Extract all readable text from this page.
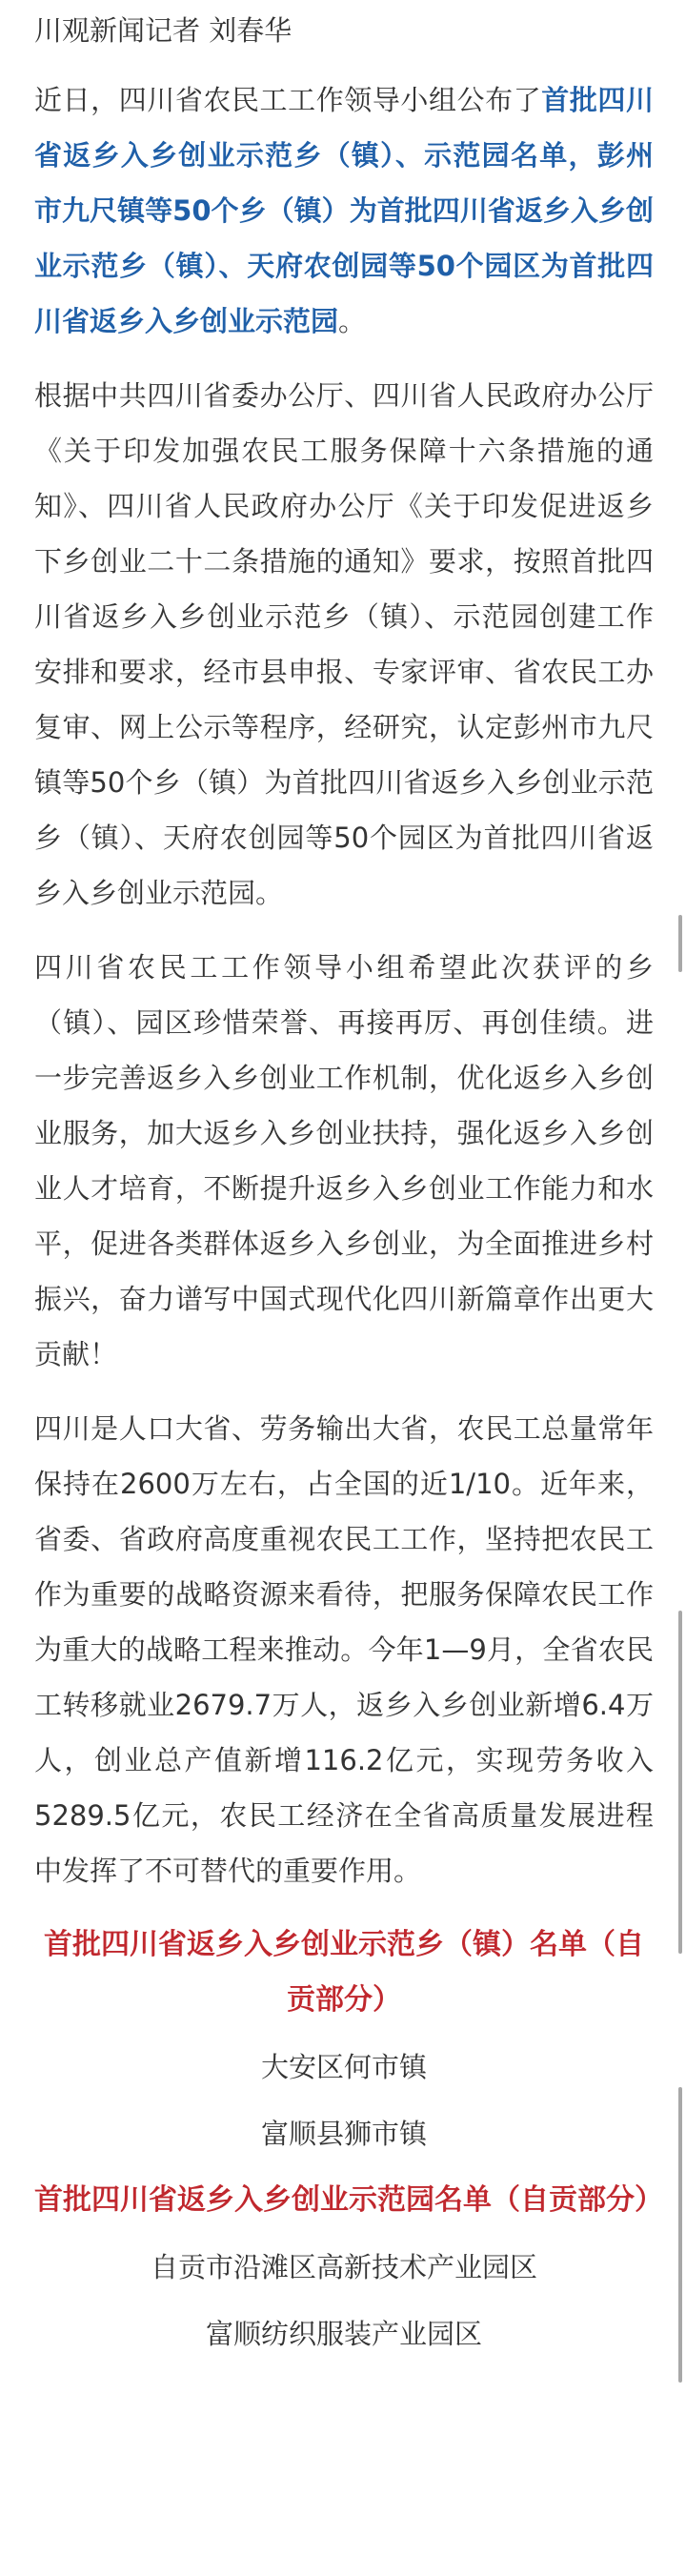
川观新闻记者 刘春华

近日，四川省农民工工作领导小组公布了首批四川省返乡入乡创业示范乡（镇）、示范园名单，彭州市九尺镇等50个乡（镇）为首批四川省返乡入乡创业示范乡（镇）、天府农创园等50个园区为首批四川省返乡入乡创业示范园。

根据中共四川省委办公厅、四川省人民政府办公厅《关于印发加强农民工服务保障十六条措施的通知》、四川省人民政府办公厅《关于印发促进返乡下乡创业二十二条措施的通知》要求，按照首批四川省返乡入乡创业示范乡（镇）、示范园创建工作安排和要求，经市县申报、专家评审、省农民工办复审、网上公示等程序，经研究，认定彭州市九尺镇等50个乡（镇）为首批四川省返乡入乡创业示范乡（镇）、天府农创园等50个园区为首批四川省返乡入乡创业示范园。

四川省农民工工作领导小组希望此次获评的乡（镇）、园区珍惜荣誉、再接再厉、再创佳绩。进一步完善返乡入乡创业工作机制，优化返乡入乡创业服务，加大返乡入乡创业扶持，强化返乡入乡创业人才培育，不断提升返乡入乡创业工作能力和水平，促进各类群体返乡入乡创业，为全面推进乡村振兴，奋力谱写中国式现代化四川新篇章作出更大贡献！

四川是人口大省、劳务输出大省，农民工总量常年保持在2600万左右，占全国的近1/10。近年来，省委、省政府高度重视农民工工作，坚持把农民工作为重要的战略资源来看待，把服务保障农民工作为重大的战略工程来推动。今年1—9月，全省农民工转移就业2679.7万人，返乡入乡创业新增6.4万人，创业总产值新增116.2亿元，实现劳务收入5289.5亿元，农民工经济在全省高质量发展进程中发挥了不可替代的重要作用。

首批四川省返乡入乡创业示范乡（镇）名单（自贡部分）
大安区何市镇
富顺县狮市镇
首批四川省返乡入乡创业示范园名单（自贡部分）
自贡市沿滩区高新技术产业园区
富顺纺织服装产业园区
